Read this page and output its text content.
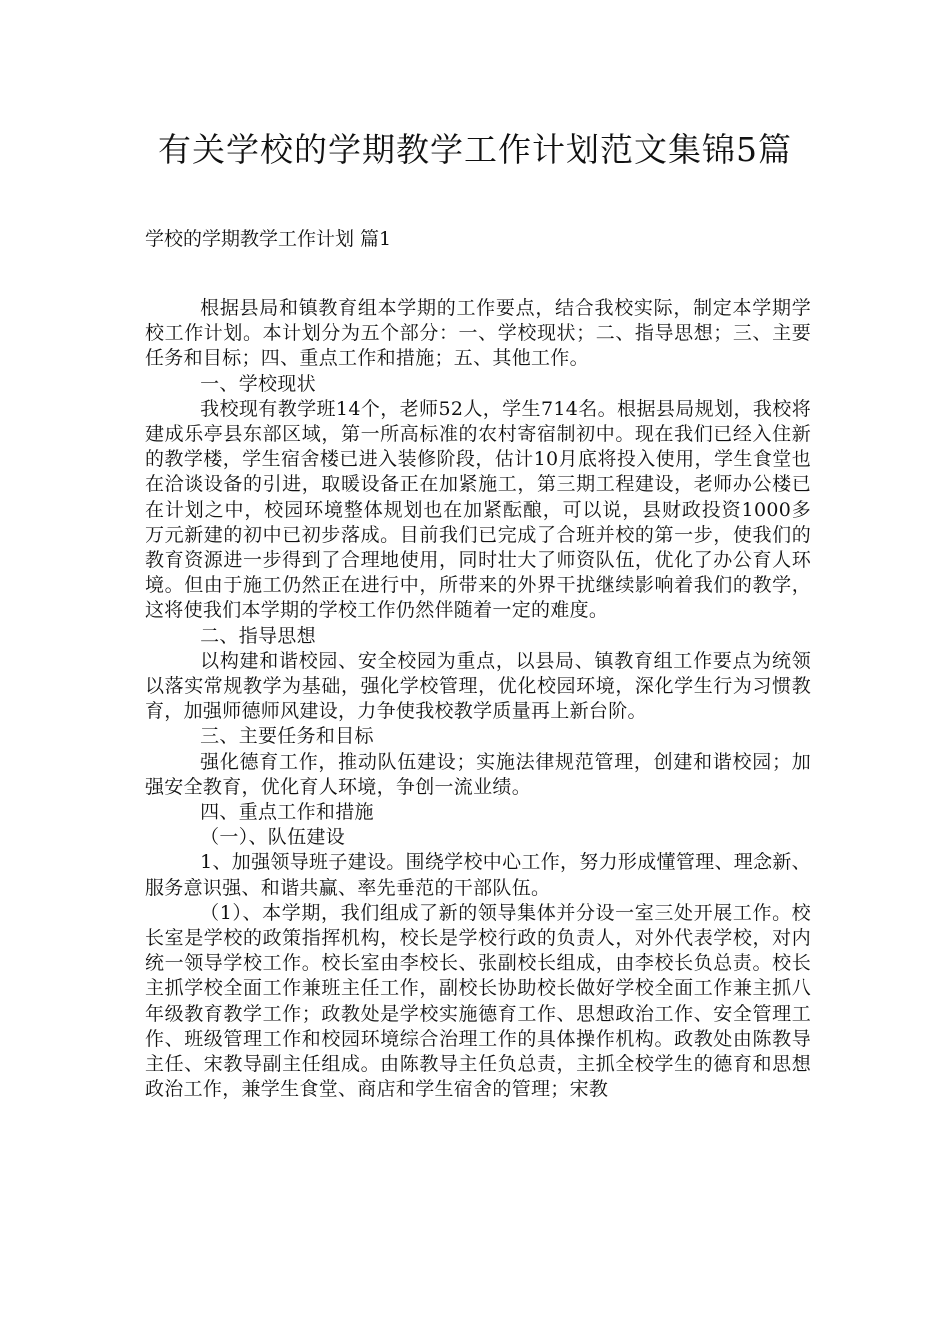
有关学校的学期教学工作计划范文集锦5篇
学校的学期教学工作计划 篇1

根据县局和镇教育组本学期的工作要点，结合我校实际，制定本学期学校工作计划。本计划分为五个部分：一、学校现状；二、指导思想；三、主要任务和目标；四、重点工作和措施；五、其他工作。

一、学校现状

我校现有教学班14个，老师52人，学生714名。根据县局规划，我校将建成乐亭县东部区域，第一所高标准的农村寄宿制初中。现在我们已经入住新的教学楼，学生宿舍楼已进入装修阶段，估计10月底将投入使用，学生食堂也在洽谈设备的引进，取暖设备正在加紧施工，第三期工程建设，老师办公楼已在计划之中，校园环境整体规划也在加紧酝酿，可以说，县财政投资1000多万元新建的初中已初步落成。目前我们已完成了合班并校的第一步，使我们的教育资源进一步得到了合理地使用，同时壮大了师资队伍，优化了办公育人环境。但由于施工仍然正在进行中，所带来的外界干扰继续影响着我们的教学，这将使我们本学期的学校工作仍然伴随着一定的难度。

二、指导思想

以构建和谐校园、安全校园为重点，以县局、镇教育组工作要点为统领以落实常规教学为基础，强化学校管理，优化校园环境，深化学生行为习惯教育，加强师德师风建设，力争使我校教学质量再上新台阶。

三、主要任务和目标

强化德育工作，推动队伍建设；实施法律规范管理，创建和谐校园；加强安全教育，优化育人环境，争创一流业绩。

四、重点工作和措施

（一）、队伍建设

1、加强领导班子建设。围绕学校中心工作，努力形成懂管理、理念新、服务意识强、和谐共赢、率先垂范的干部队伍。

（1）、本学期，我们组成了新的领导集体并分设一室三处开展工作。校长室是学校的政策指挥机构，校长是学校行政的负责人，对外代表学校，对内统一领导学校工作。校长室由李校长、张副校长组成，由李校长负总责。校长主抓学校全面工作兼班主任工作，副校长协助校长做好学校全面工作兼主抓八年级教育教学工作；政教处是学校实施德育工作、思想政治工作、安全管理工作、班级管理工作和校园环境综合治理工作的具体操作机构。政教处由陈教导主任、宋教导副主任组成。由陈教导主任负总责，主抓全校学生的德育和思想政治工作，兼学生食堂、商店和学生宿舍的管理；宋教
